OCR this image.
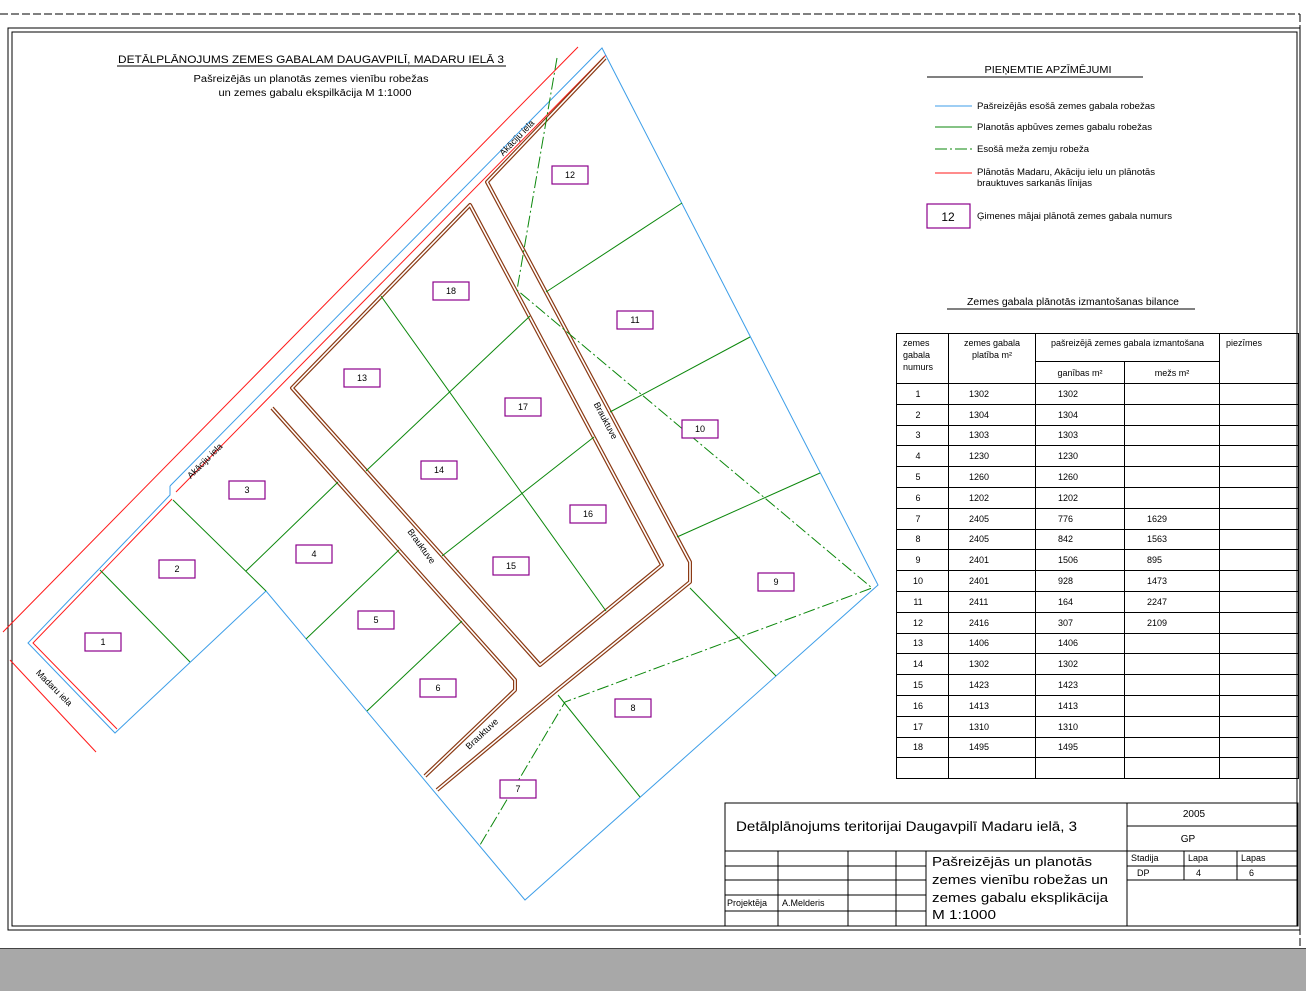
DETĀLPLĀNOJUMS ZEMES GABALAM DAUGAVPILĪ, MADARU IELĀ 3
Pašreizējās un planotās zemes vienību robežas
un zemes gabalu ekspilkācija M 1:1000
Akāciju iela
Akāciju iela
Madaru iela
Brauktuve
Brauktuve
Brauktuve
1
2
3
4
5
6
7
8
9
10
11
12
13
14
15
16
17
18
PIEŅEMTIE APZĪMĒJUMI
Pašreizējās esošā zemes gabala robežas
Planotās apbūves zemes gabalu robežas
Esošā meža zemju robeža
Plānotās Madaru, Akāciju ielu un plānotās
brauktuves sarkanās līnijas
12 Ģimenes mājai plānotā zemes gabala numurs
Zemes gabala plānotās izmantošanas bilance
Detālplānojums teritorijai Daugavpilī Madaru ielā, 3
2005
GP
Pašreizējās un planotās
zemes vienību robežas un
zemes gabalu eksplikācija
M 1:1000
Stadija	Lapa	Lapas
DP	4	6
Projektēja A.Melderis
zemes
gabala
numurs	zemes gabala
platība m²	pašreizējā zemes gabala izmantošana		piezīmes
		ganības m²	mežs m²	
1	1302	1302		
2	1304	1304		
3	1303	1303		
4	1230	1230		
5	1260	1260		
6	1202	1202		
7	2405	776	1629	
8	2405	842	1563	
9	2401	1506	895	
10	2401	928	1473	
11	2411	164	2247	
12	2416	307	2109	
13	1406	1406		
14	1302	1302		
15	1423	1423		
16	1413	1413		
17	1310	1310		
18	1495	1495		
